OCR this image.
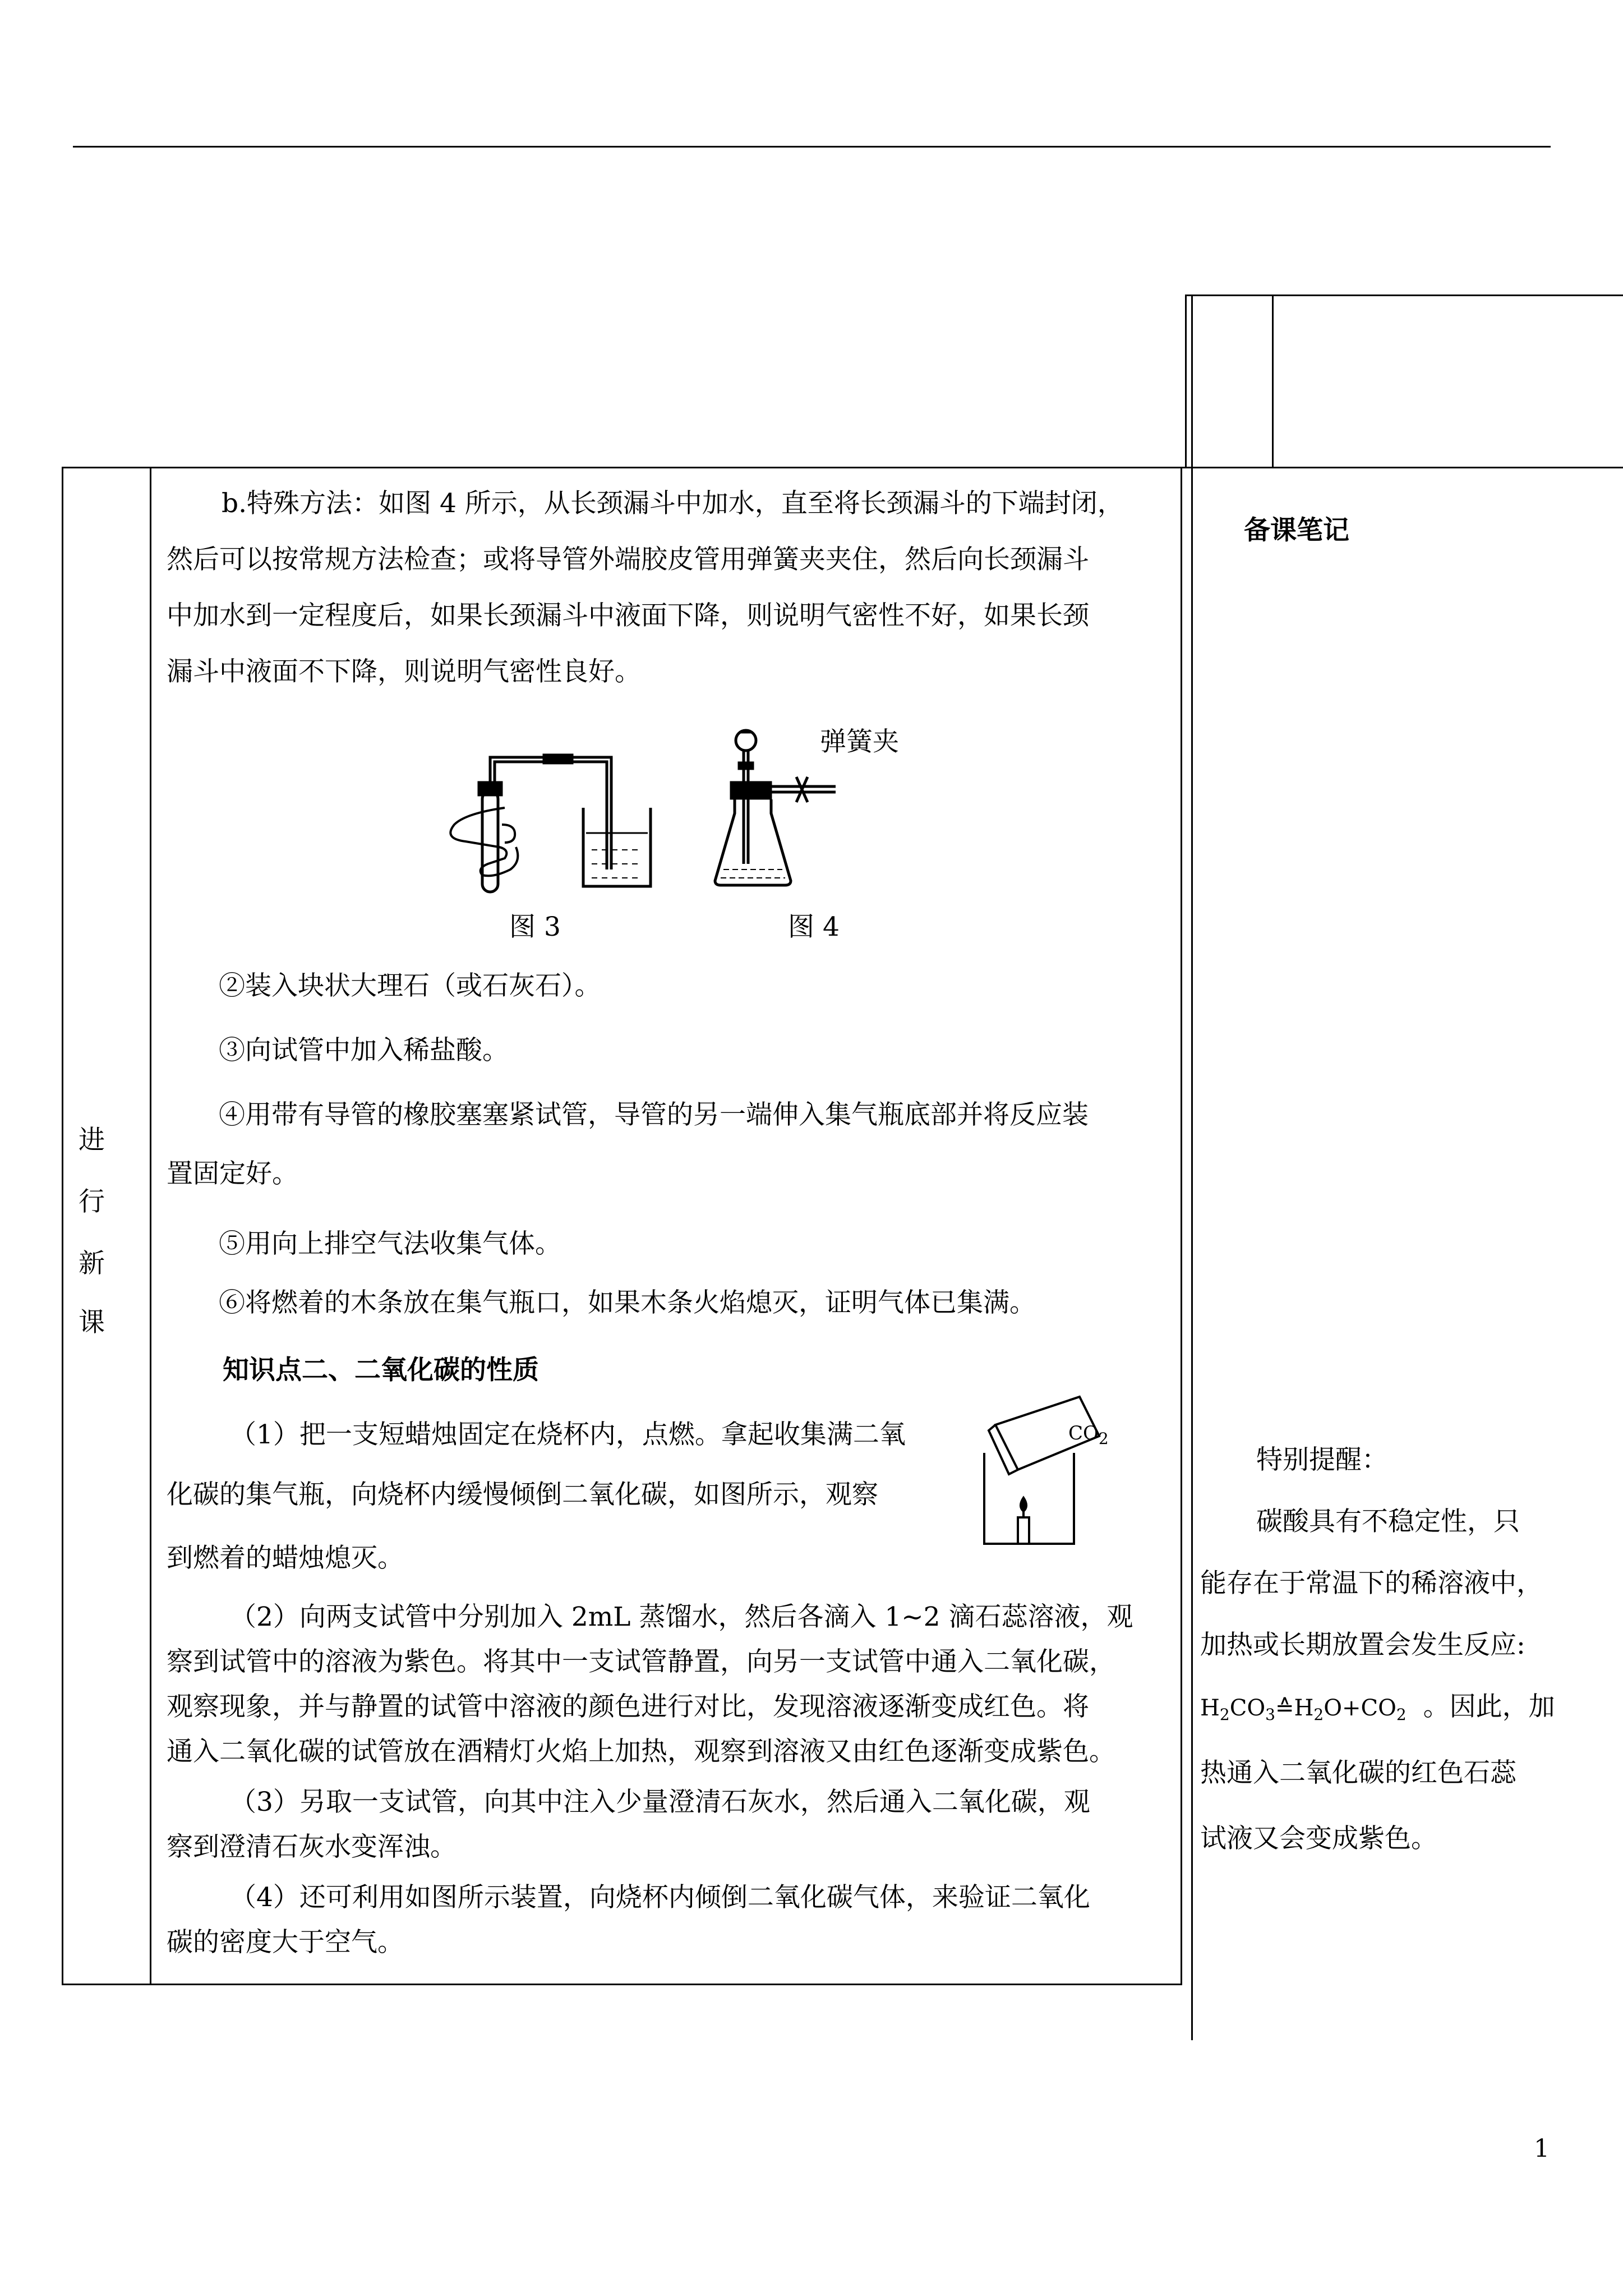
进
行
新
课
b.特殊方法：如图 4 所示，从长颈漏斗中加水，直至将长颈漏斗的下端封闭，
然后可以按常规方法检查；或将导管外端胶皮管用弹簧夹夹住，然后向长颈漏斗
中加水到一定程度后，如果长颈漏斗中液面下降，则说明气密性不好，如果长颈
漏斗中液面不下降，则说明气密性良好。
弹簧夹
图 3	图 4
②装入块状大理石（或石灰石）。
③向试管中加入稀盐酸。
④用带有导管的橡胶塞塞紧试管，导管的另一端伸入集气瓶底部并将反应装
置固定好。
⑤用向上排空气法收集气体。
⑥将燃着的木条放在集气瓶口，如果木条火焰熄灭，证明气体已集满。
知识点二、二氧化碳的性质
（1）把一支短蜡烛固定在烧杯内，点燃。拿起收集满二氧
化碳的集气瓶，向烧杯内缓慢倾倒二氧化碳，如图所示，观察
到燃着的蜡烛熄灭。
$CO_2$
（2）向两支试管中分别加入 2mL 蒸馏水，然后各滴入 1~2 滴石蕊溶液，观
察到试管中的溶液为紫色。将其中一支试管静置，向另一支试管中通入二氧化碳，
观察现象，并与静置的试管中溶液的颜色进行对比，发现溶液逐渐变成红色。将
通入二氧化碳的试管放在酒精灯火焰上加热，观察到溶液又由红色逐渐变成紫色。
（3）另取一支试管，向其中注入少量澄清石灰水，然后通入二氧化碳，观
察到澄清石灰水变浑浊。
（4）还可利用如图所示装置，向烧杯内倾倒二氧化碳气体，来验证二氧化
碳的密度大于空气。
备课笔记
特别提醒：
碳酸具有不稳定性，只
能存在于常温下的稀溶液中，
加热或长期放置会发生反应:
$H_2CO_3≙H_2O+CO_2$  。因此，加
热通入二氧化碳的红色石蕊
试液又会变成紫色。
1
